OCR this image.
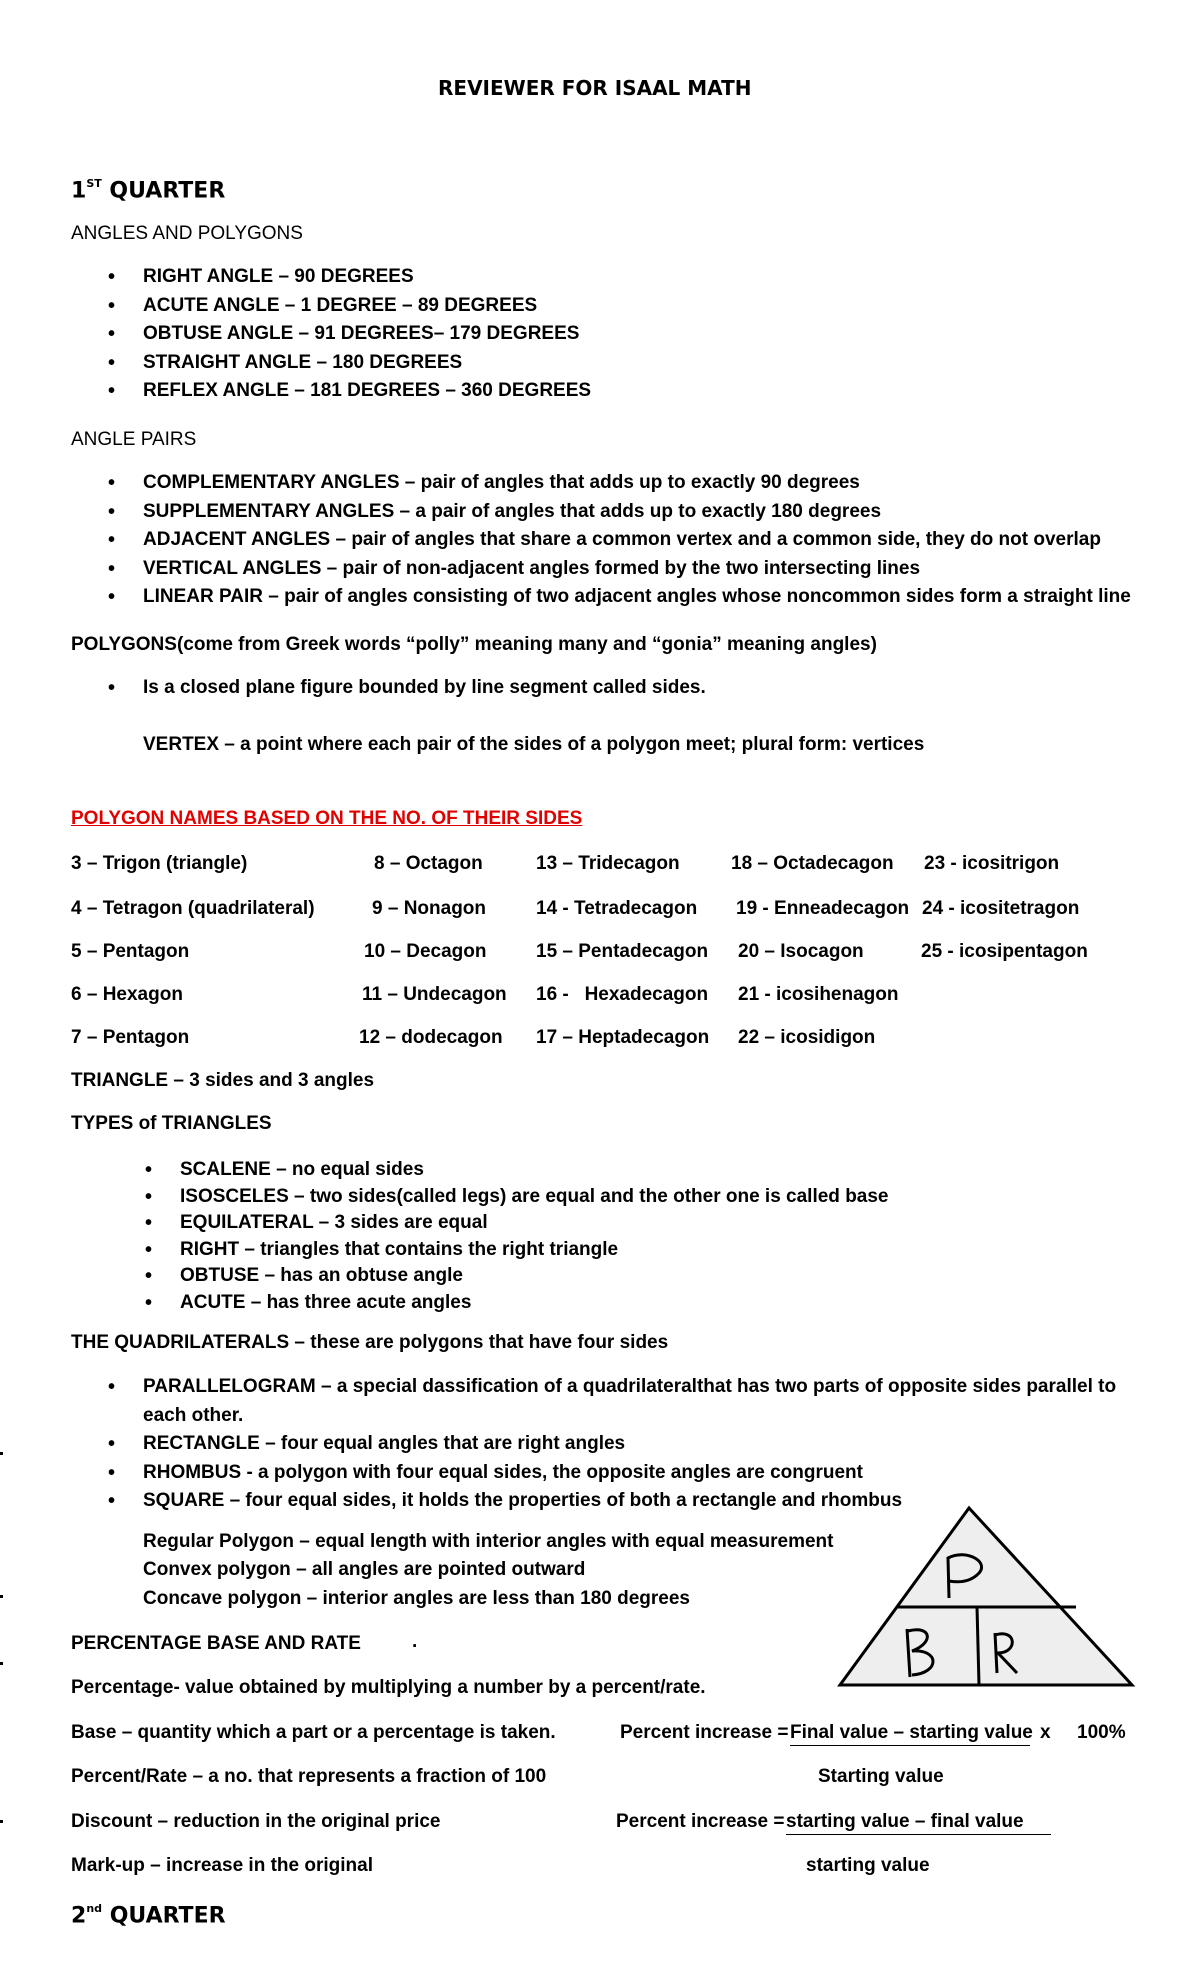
REVIEWER FOR ISAAL MATH
1ST QUARTER
ANGLES AND POLYGONS
• RIGHT ANGLE – 90 DEGREES
• ACUTE ANGLE – 1 DEGREE – 89 DEGREES
• OBTUSE ANGLE – 91 DEGREES– 179 DEGREES
• STRAIGHT ANGLE – 180 DEGREES
• REFLEX ANGLE – 181 DEGREES – 360 DEGREES
ANGLE PAIRS
• COMPLEMENTARY ANGLES – pair of angles that adds up to exactly 90 degrees
• SUPPLEMENTARY ANGLES – a pair of angles that adds up to exactly 180 degrees
• ADJACENT ANGLES – pair of angles that share a common vertex and a common side, they do not overlap
• VERTICAL ANGLES – pair of non-adjacent angles formed by the two intersecting lines
• LINEAR PAIR – pair of angles consisting of two adjacent angles whose noncommon sides form a straight line
POLYGONS(come from Greek words “polly” meaning many and “gonia” meaning angles)
• Is a closed plane figure bounded by line segment called sides.
VERTEX – a point where each pair of the sides of a polygon meet; plural form: vertices
POLYGON NAMES BASED ON THE NO. OF THEIR SIDES
3 – Trigon (triangle)	8 – Octagon	13 – Tridecagon	18 – Octadecagon 23 - icositrigon
4 – Tetragon (quadrilateral)	9 – Nonagon	14 - Tetradecagon 19 - Enneadecagon 24 - icositetragon
5 – Pentagon	10 – Decagon	15 – Pentadecagon 20 – Isocagon	25 - icosipentagon
6 – Hexagon	11 – Undecagon 16 -   Hexadecagon 21 - icosihenagon
7 – Pentagon	12 – dodecagon 17 – Heptadecagon 22 – icosidigon
TRIANGLE – 3 sides and 3 angles
TYPES of TRIANGLES
• SCALENE – no equal sides
• ISOSCELES – two sides(called legs) are equal and the other one is called base
• EQUILATERAL – 3 sides are equal
• RIGHT – triangles that contains the right triangle
• OBTUSE – has an obtuse angle
• ACUTE – has three acute angles
THE QUADRILATERALS – these are polygons that have four sides
• PARALLELOGRAM – a special dassification of a quadrilateralthat has two parts of opposite sides parallel to
each other.
• RECTANGLE – four equal angles that are right angles
• RHOMBUS - a polygon with four equal sides, the opposite angles are congruent
• SQUARE – four equal sides, it holds the properties of both a rectangle and rhombus
Regular Polygon – equal length with interior angles with equal measurement
Convex polygon – all angles are pointed outward
Concave polygon – interior angles are less than 180 degrees
PERCENTAGE BASE AND RATE	.
Percentage- value obtained by multiplying a number by a percent/rate.
Base – quantity which a part or a percentage is taken.
Percent/Rate – a no. that represents a fraction of 100
Discount – reduction in the original price
Mark-up – increase in the original
Percent increase =
Final value – starting value x 100%
Starting value
Percent increase =
starting value – final value
starting value
2nd QUARTER
